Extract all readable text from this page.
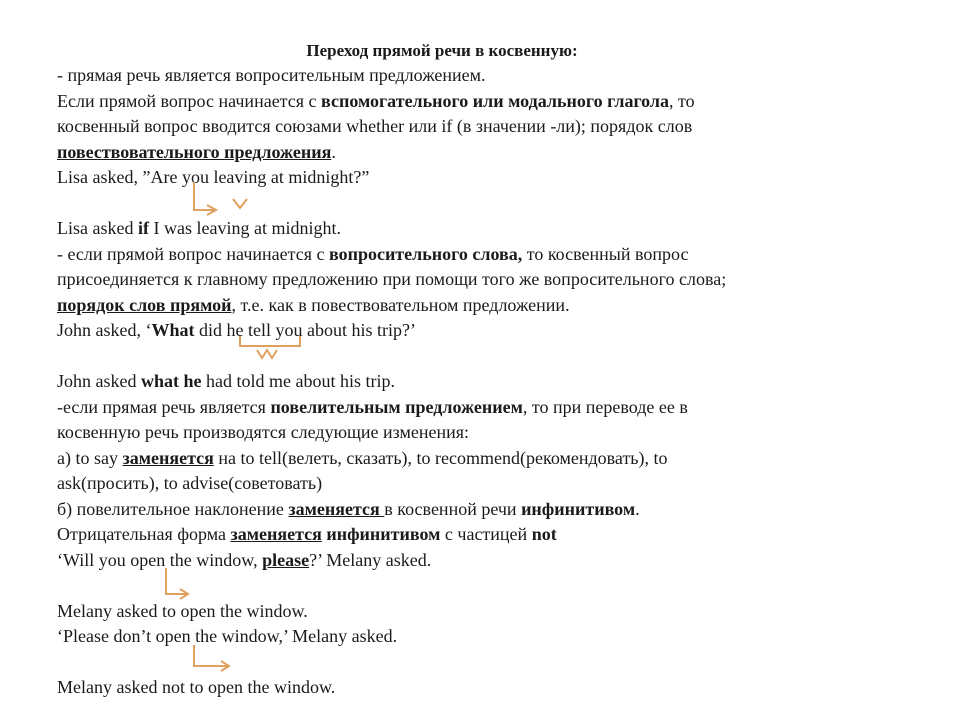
Переход прямой речи в косвенную:
- прямая речь является вопросительным предложением.
Если прямой вопрос начинается с вспомогательного или модального глагола, то
косвенный вопрос вводится союзами whether или if (в значении -ли); порядок слов
повествовательного предложения.
Lisa asked, ”Are you leaving at midnight?”
Lisa asked if I was leaving at midnight.
- если прямой вопрос начинается с вопросительного слова, то косвенный вопрос
присоединяется к главному предложению при помощи того же вопросительного слова;
порядок слов прямой, т.е. как в повествовательном предложении.
John asked, ‘What did he tell you about his trip?’
John asked what he had told me about his trip.
-если прямая речь является повелительным предложением, то при переводе ее в
косвенную речь производятся следующие изменения:
а) to say заменяется на to tell(велеть, сказать), to recommend(рекомендовать), to
ask(просить), to advise(советовать)
б) повелительное наклонение заменяется в косвенной речи инфинитивом.
Отрицательная форма заменяется инфинитивом с частицей not
‘Will you open the window, please?’ Melany asked.
Melany asked to open the window.
‘Please don’t open the window,’ Melany asked.
Melany asked not to open the window.
